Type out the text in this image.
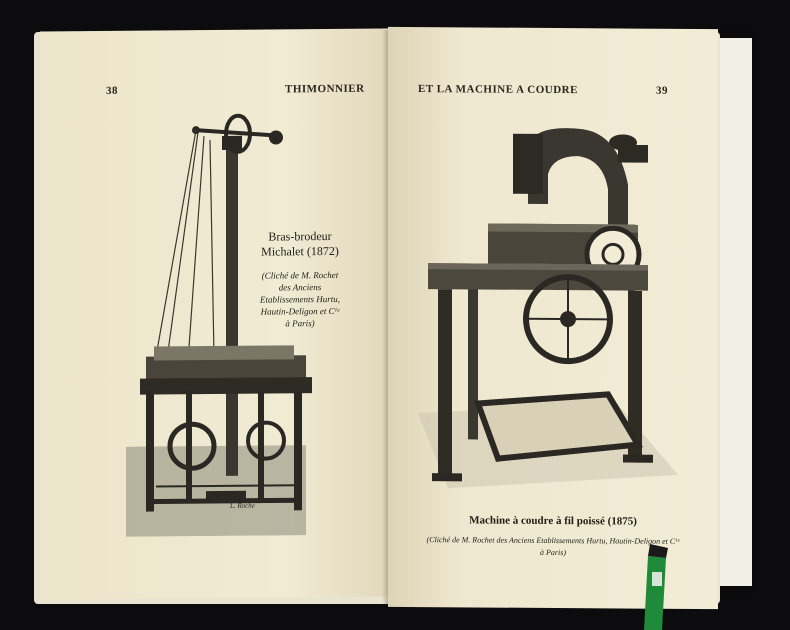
38	THIMONNIER
Bras-brodeur
Michalet (1872)
(Cliché de M. Rochet
des Anciens
Etablissements Hurtu,
Hautin-Deligon et Cᴵᵉ
à Paris)
L. Roche
ET LA MACHINE A COUDRE	39
Machine à coudre à fil poissé (1875)
(Cliché de M. Rochet des Anciens Etablissements Hurtu, Hautin-Deligon et Cᴵᵉ
à Paris)
